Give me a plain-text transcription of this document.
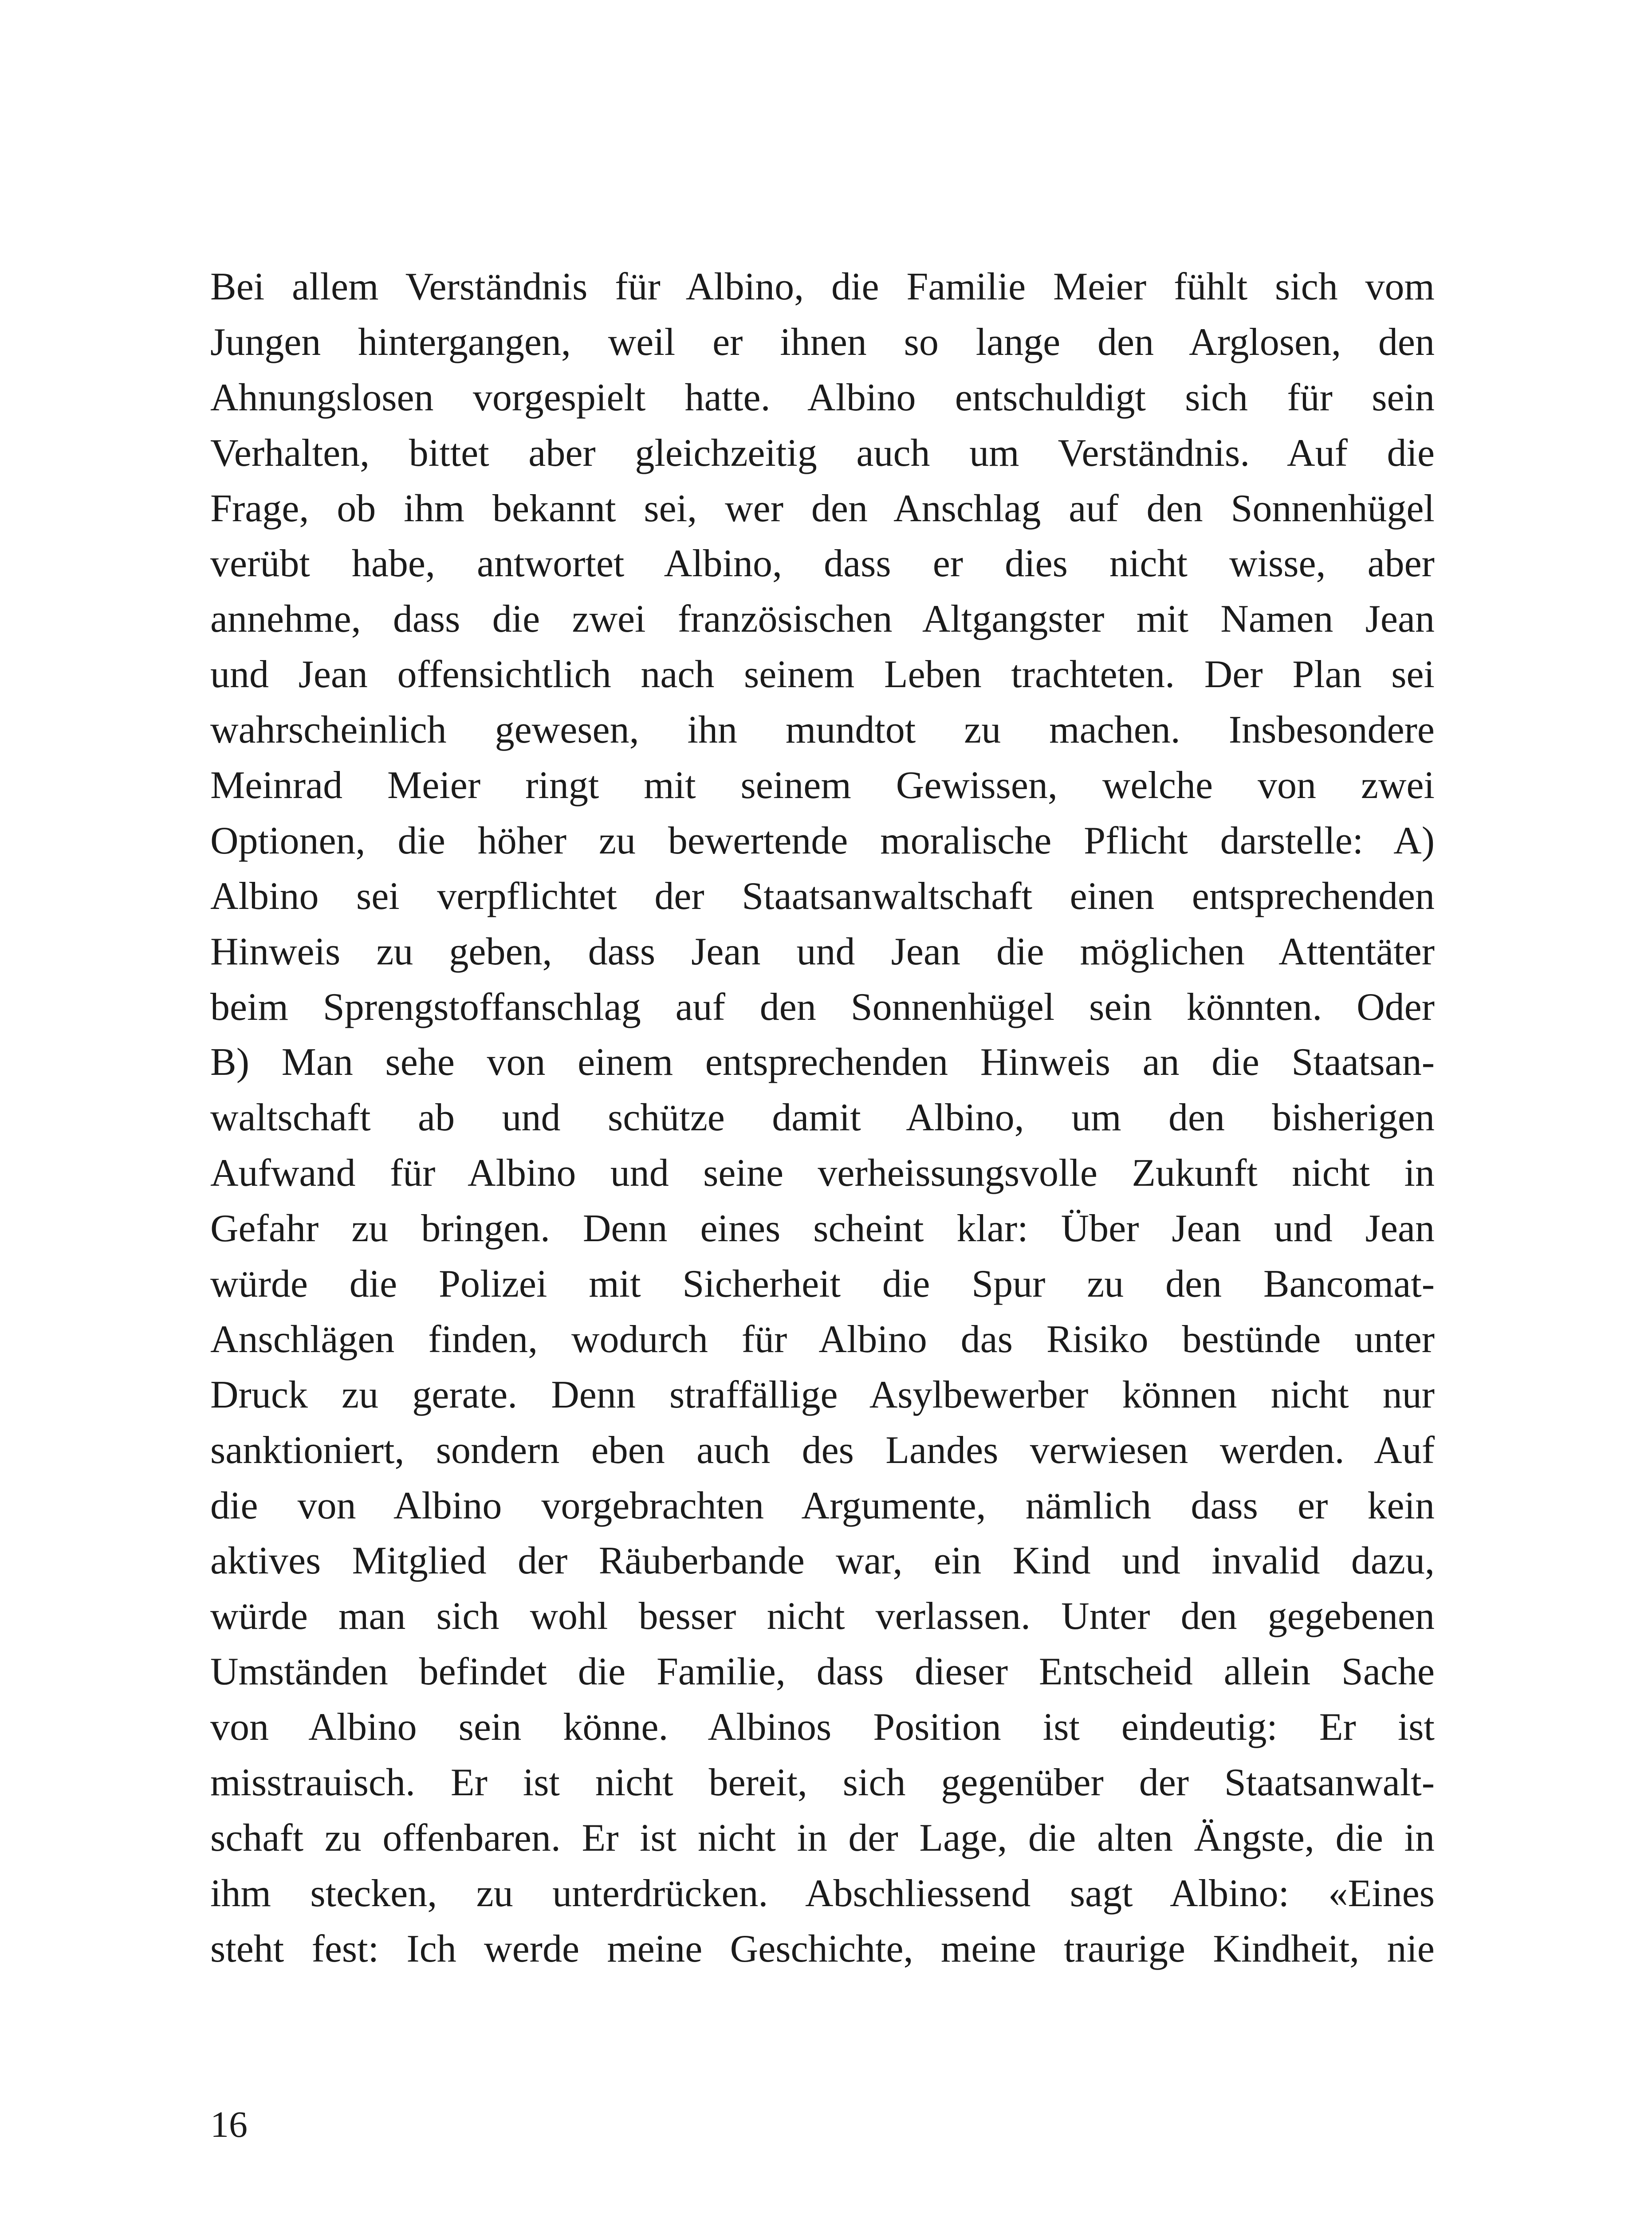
Bei allem Verständnis für Albino, die Familie Meier fühlt sich vom
Jungen hintergangen, weil er ihnen so lange den Arglosen, den
Ahnungslosen vorgespielt hatte. Albino entschuldigt sich für sein
Verhalten, bittet aber gleichzeitig auch um Verständnis. Auf die
Frage, ob ihm bekannt sei, wer den Anschlag auf den Sonnenhügel
verübt habe, antwortet Albino, dass er dies nicht wisse, aber
annehme, dass die zwei französischen Altgangster mit Namen Jean
und Jean offensichtlich nach seinem Leben trachteten. Der Plan sei
wahrscheinlich gewesen, ihn mundtot zu machen. Insbesondere
Meinrad Meier ringt mit seinem Gewissen, welche von zwei
Optionen, die höher zu bewertende moralische Pflicht darstelle: A)
Albino sei verpflichtet der Staatsanwaltschaft einen entsprechenden
Hinweis zu geben, dass Jean und Jean die möglichen Attentäter
beim Sprengstoffanschlag auf den Sonnenhügel sein könnten. Oder
B) Man sehe von einem entsprechenden Hinweis an die Staatsan-
waltschaft ab und schütze damit Albino, um den bisherigen
Aufwand für Albino und seine verheissungsvolle Zukunft nicht in
Gefahr zu bringen. Denn eines scheint klar: Über Jean und Jean
würde die Polizei mit Sicherheit die Spur zu den Bancomat-
Anschlägen finden, wodurch für Albino das Risiko bestünde unter
Druck zu gerate. Denn straffällige Asylbewerber können nicht nur
sanktioniert, sondern eben auch des Landes verwiesen werden. Auf
die von Albino vorgebrachten Argumente, nämlich dass er kein
aktives Mitglied der Räuberbande war, ein Kind und invalid dazu,
würde man sich wohl besser nicht verlassen. Unter den gegebenen
Umständen befindet die Familie, dass dieser Entscheid allein Sache
von Albino sein könne. Albinos Position ist eindeutig: Er ist
misstrauisch. Er ist nicht bereit, sich gegenüber der Staatsanwalt-
schaft zu offenbaren. Er ist nicht in der Lage, die alten Ängste, die in
ihm stecken, zu unterdrücken. Abschliessend sagt Albino: «Eines
steht fest: Ich werde meine Geschichte, meine traurige Kindheit, nie

16
